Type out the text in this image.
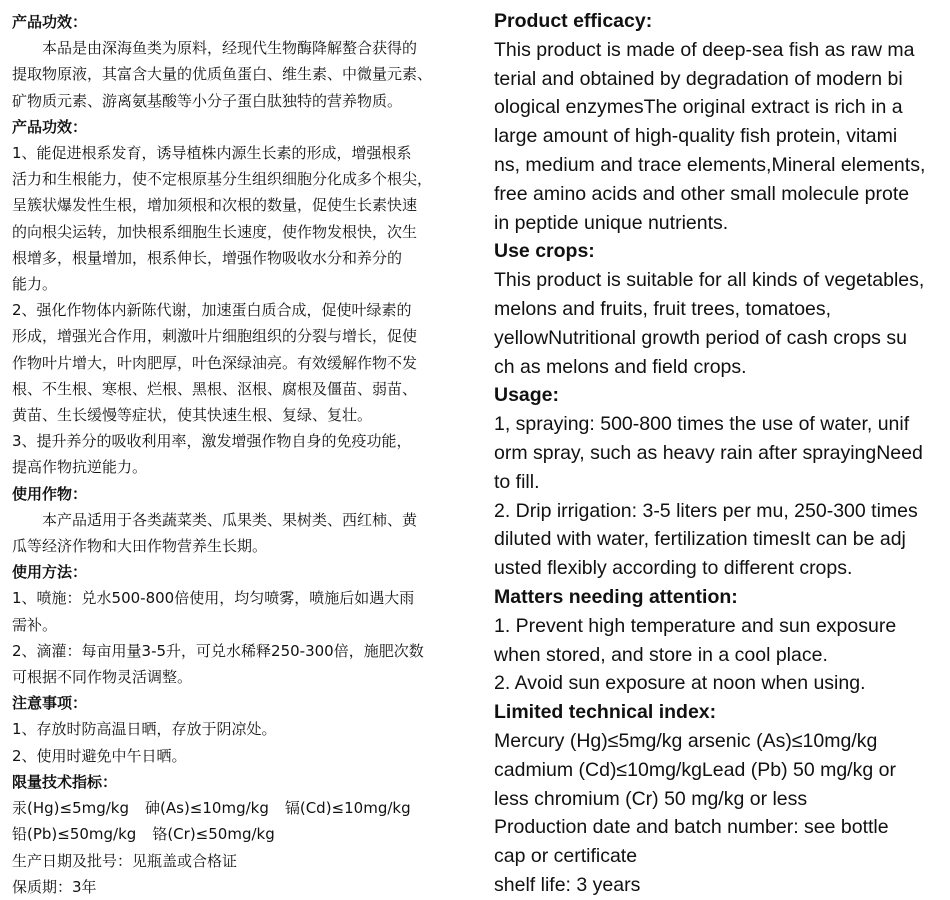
产品功效：
本品是由深海鱼类为原料，经现代生物酶降解螯合获得的
提取物原液，其富含大量的优质鱼蛋白、维生素、中微量元素、
矿物质元素、游离氨基酸等小分子蛋白肽独特的营养物质。
产品功效：
1、能促进根系发育，诱导植株内源生长素的形成，增强根系
活力和生根能力，使不定根原基分生组织细胞分化成多个根尖，
呈簇状爆发性生根，增加须根和次根的数量，促使生长素快速
的向根尖运转，加快根系细胞生长速度，使作物发根快，次生
根增多，根量增加，根系伸长，增强作物吸收水分和养分的
能力。
2、强化作物体内新陈代谢，加速蛋白质合成，促使叶绿素的
形成，增强光合作用，刺激叶片细胞组织的分裂与增长，促使
作物叶片增大，叶肉肥厚，叶色深绿油亮。有效缓解作物不发
根、不生根、寒根、烂根、黑根、沤根、腐根及僵苗、弱苗、
黄苗、生长缓慢等症状，使其快速生根、复绿、复壮。
3、提升养分的吸收利用率，激发增强作物自身的免疫功能，
提高作物抗逆能力。
使用作物：
本产品适用于各类蔬菜类、瓜果类、果树类、西红柿、黄
瓜等经济作物和大田作物营养生长期。
使用方法：
1、喷施：兑水500-800倍使用，均匀喷雾，喷施后如遇大雨
需补。
2、滴灌：每亩用量3-5升，可兑水稀释250-300倍，施肥次数
可根据不同作物灵活调整。
注意事项：
1、存放时防高温日晒，存放于阴凉处。
2、使用时避免中午日晒。
限量技术指标：
汞(Hg)≤5mg/kg 砷(As)≤10mg/kg 镉(Cd)≤10mg/kg
铅(Pb)≤50mg/kg 铬(Cr)≤50mg/kg
生产日期及批号：见瓶盖或合格证
保质期：3年
Product efficacy:
This product is made of deep-sea fish as raw ma
terial and obtained by degradation of modern bi
ological enzymesThe original extract is rich in a
large amount of high-quality fish protein, vitami
ns, medium and trace elements,Mineral elements,
free amino acids and other small molecule prote
in peptide unique nutrients.
Use crops:
This product is suitable for all kinds of vegetables,
melons and fruits, fruit trees, tomatoes,
yellowNutritional growth period of cash crops su
ch as melons and field crops.
Usage:
1, spraying: 500-800 times the use of water, unif
orm spray, such as heavy rain after sprayingNeed
to fill.
2. Drip irrigation: 3-5 liters per mu, 250-300 times
diluted with water, fertilization timesIt can be adj
usted flexibly according to different crops.
Matters needing attention:
1. Prevent high temperature and sun exposure
when stored, and store in a cool place.
2. Avoid sun exposure at noon when using.
Limited technical index:
Mercury (Hg)≤5mg/kg arsenic (As)≤10mg/kg
cadmium (Cd)≤10mg/kgLead (Pb) 50 mg/kg or
less chromium (Cr) 50 mg/kg or less
Production date and batch number: see bottle
cap or certificate
shelf life: 3 years
